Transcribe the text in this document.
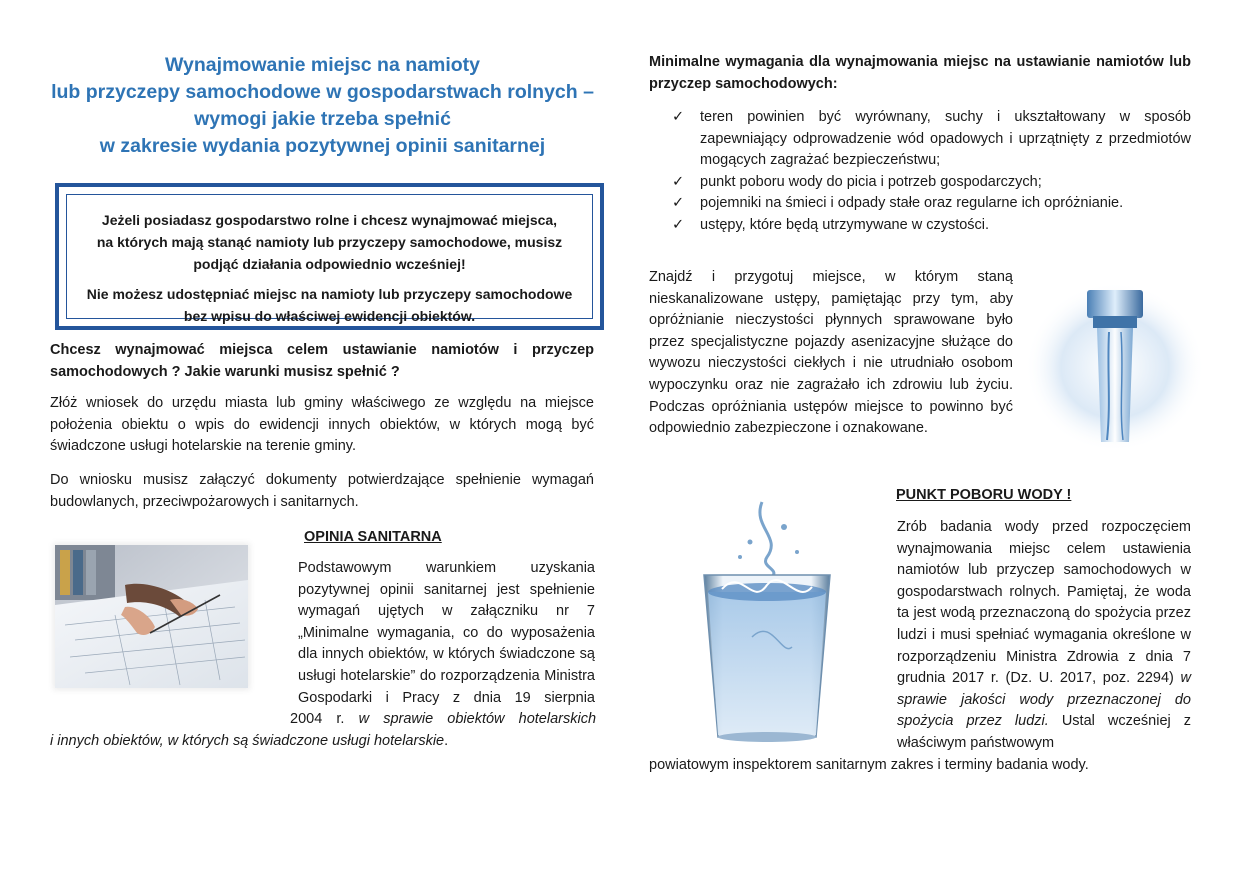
Wynajmowanie miejsc na namioty
lub przyczepy samochodowe w gospodarstwach rolnych –
wymogi jakie trzeba spełnić
w zakresie wydania pozytywnej opinii sanitarnej
Jeżeli posiadasz gospodarstwo rolne i chcesz wynajmować miejsca,
na których mają stanąć namioty lub przyczepy samochodowe, musisz
podjąć działania odpowiednio wcześniej!
Nie możesz udostępniać miejsc na namioty lub przyczepy samochodowe
bez wpisu do właściwej ewidencji obiektów.
Chcesz wynajmować miejsca celem ustawianie namiotów i przyczep samochodowych ? Jakie warunki musisz spełnić ?
Złóż wniosek do urzędu miasta lub gminy właściwego ze względu na miejsce położenia obiektu o wpis do ewidencji innych obiektów, w których mogą być świadczone usługi hotelarskie na terenie gminy.
Do wniosku musisz załączyć dokumenty potwierdzające spełnienie wymagań budowlanych, przeciwpożarowych i sanitarnych.
OPINIA SANITARNA
Podstawowym warunkiem uzyskania pozytywnej opinii sanitarnej jest spełnienie wymagań ujętych w załączniku nr 7 „Minimalne wymagania, co do wyposażenia dla innych obiektów, w których świadczone są usługi hotelarskie” do rozporządzenia Ministra Gospodarki i Pracy z dnia 19 sierpnia
2004 r. w sprawie obiektów hotelarskich
i innych obiektów, w których są świadczone usługi hotelarskie.
Minimalne wymagania dla wynajmowania miejsc na ustawianie namiotów lub przyczep samochodowych:
✓ teren powinien być wyrównany, suchy i ukształtowany w sposób zapewniający odprowadzenie wód opadowych i uprzątnięty z przedmiotów mogących zagrażać bezpieczeństwu;
✓ punkt poboru wody do picia i potrzeb gospodarczych;
✓ pojemniki na śmieci i odpady stałe oraz regularne ich opróżnianie.
✓ ustępy, które będą utrzymywane w czystości.
Znajdź i przygotuj miejsce, w którym staną nieskanalizowane ustępy, pamiętając przy tym, aby opróżnianie nieczystości płynnych sprawowane było przez specjalistyczne pojazdy asenizacyjne służące do wywozu nieczystości ciekłych i nie utrudniało osobom wypoczynku oraz nie zagrażało ich zdrowiu lub życiu. Podczas opróżniania ustępów miejsce to powinno być odpowiednio zabezpieczone i oznakowane.
PUNKT POBORU WODY !
Zrób badania wody przed rozpoczęciem wynajmowania miejsc celem ustawienia namiotów lub przyczep samochodowych w gospodarstwach rolnych. Pamiętaj, że woda ta jest wodą przeznaczoną do spożycia przez ludzi i musi spełniać wymagania określone w rozporządzeniu Ministra Zdrowia z dnia 7 grudnia 2017 r. (Dz. U. 2017, poz. 2294) w sprawie jakości wody przeznaczonej do spożycia przez ludzi. Ustal wcześniej z właściwym państwowym
powiatowym inspektorem sanitarnym zakres i terminy badania wody.
